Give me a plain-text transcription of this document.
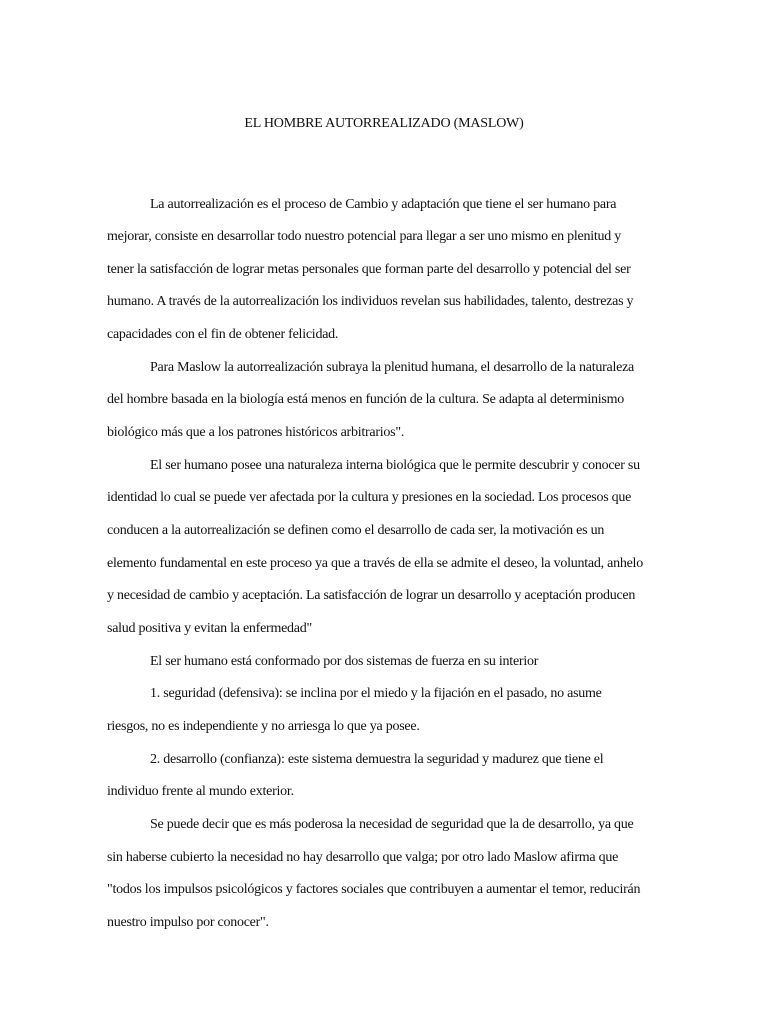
EL HOMBRE AUTORREALIZADO (MASLOW)
La autorrealización es el proceso de Cambio y adaptación que tiene el ser humano para
mejorar, consiste en desarrollar todo nuestro potencial para llegar a ser uno mismo en plenitud y
tener la satisfacción de lograr metas personales que forman parte del desarrollo y potencial del ser
humano. A través de la autorrealización los individuos revelan sus habilidades, talento, destrezas y
capacidades con el fin de obtener felicidad.
Para Maslow la autorrealización subraya la plenitud humana, el desarrollo de la naturaleza
del hombre basada en la biología está menos en función de la cultura. Se adapta al determinismo
biológico más que a los patrones históricos arbitrarios".
El ser humano posee una naturaleza interna biológica que le permite descubrir y conocer su
identidad lo cual se puede ver afectada por la cultura y presiones en la sociedad. Los procesos que
conducen a la autorrealización se definen como el desarrollo de cada ser, la motivación es un
elemento fundamental en este proceso ya que a través de ella se admite el deseo, la voluntad, anhelo
y necesidad de cambio y aceptación. La satisfacción de lograr un desarrollo y aceptación producen
salud positiva y evitan la enfermedad"
El ser humano está conformado por dos sistemas de fuerza en su interior
1. seguridad (defensiva): se inclina por el miedo y la fijación en el pasado, no asume
riesgos, no es independiente y no arriesga lo que ya posee.
2. desarrollo (confianza): este sistema demuestra la seguridad y madurez que tiene el
individuo frente al mundo exterior.
Se puede decir que es más poderosa la necesidad de seguridad que la de desarrollo, ya que
sin haberse cubierto la necesidad no hay desarrollo que valga; por otro lado Maslow afirma que
"todos los impulsos psicológicos y factores sociales que contribuyen a aumentar el temor, reducirán
nuestro impulso por conocer".
